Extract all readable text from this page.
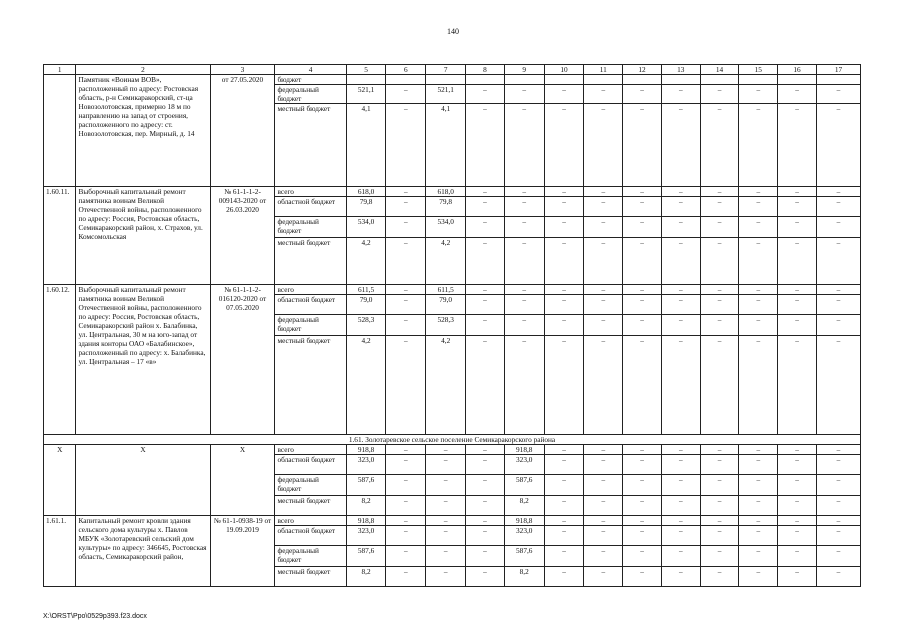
140
1	2	3	4	5	6	7	8	9	10	11	12	13	14	15	16	17
	Памятник «Воинам ВОВ», расположенный по адресу: Ростовская область, р-н Семикаракорский, ст-ца Новозолотовская, примерно 18 м по направлению на запад от строения, расположенного по адресу: ст. Новозолотовская, пер. Мирный, д. 14	от 27.05.2020	бюджет													
			федеральный бюджет	521,1	–	521,1	–	–	–	–	–	–	–	–	–	–
			местный бюджет	4,1	–	4,1	–	–	–	–	–	–	–	–	–	–
1.60.11.	Выборочный капитальный ремонт памятника воинам Великой Отечественной войны, расположенного по адресу: Россия, Ростовская область, Семикаракорский район, х. Страхов, ул. Комсомольская	№ 61-1-1-2-009143-2020 от 26.03.2020	всего	618,0	–	618,0	–	–	–	–	–	–	–	–	–	–
			областной бюджет	79,8	–	79,8	–	–	–	–	–	–	–	–	–	–
			федеральный бюджет	534,0	–	534,0	–	–	–	–	–	–	–	–	–	–
			местный бюджет	4,2	–	4,2	–	–	–	–	–	–	–	–	–	–
1.60.12.	Выборочный капитальный ремонт памятника воинам Великой Отечественной войны, расположенного по адресу: Россия, Ростовская область, Семикаракорский район х. Балабинка, ул. Центральная, 30 м на юго-запад от здания конторы ОАО «Балабинское», расположенный по адресу: х. Балабинка, ул. Центральная – 17 «в»	№ 61-1-1-2-016120-2020 от 07.05.2020	всего	611,5	–	611,5	–	–	–	–	–	–	–	–	–	–
			областной бюджет	79,0	–	79,0	–	–	–	–	–	–	–	–	–	–
			федеральный бюджет	528,3	–	528,3	–	–	–	–	–	–	–	–	–	–
			местный бюджет	4,2	–	4,2	–	–	–	–	–	–	–	–	–	–
1.61. Золотаревское сельское поселение Семикаракорского района																
X	X	X	всего	918,8	–	–	–	918,8	–	–	–	–	–	–	–	–
			областной бюджет	323,0	–	–	–	323,0	–	–	–	–	–	–	–	–
			федеральный бюджет	587,6	–	–	–	587,6	–	–	–	–	–	–	–	–
			местный бюджет	8,2	–	–	–	8,2	–	–	–	–	–	–	–	–
1.61.1.	Капитальный ремонт кровли здания сельского дома культуры х. Павлов МБУК «Золотаревский сельский дом культуры» по адресу: 346645, Ростовская область, Семикаракорский район,	№ 61-1-0938-19 от 19.09.2019	всего	918,8	–	–	–	918,8	–	–	–	–	–	–	–	–
			областной бюджет	323,0	–	–	–	323,0	–	–	–	–	–	–	–	–
			федеральный бюджет	587,6	–	–	–	587,6	–	–	–	–	–	–	–	–
			местный бюджет	8,2	–	–	–	8,2	–	–	–	–	–	–	–	–
X:\ORST\Ppo\0529p393.f23.docx
